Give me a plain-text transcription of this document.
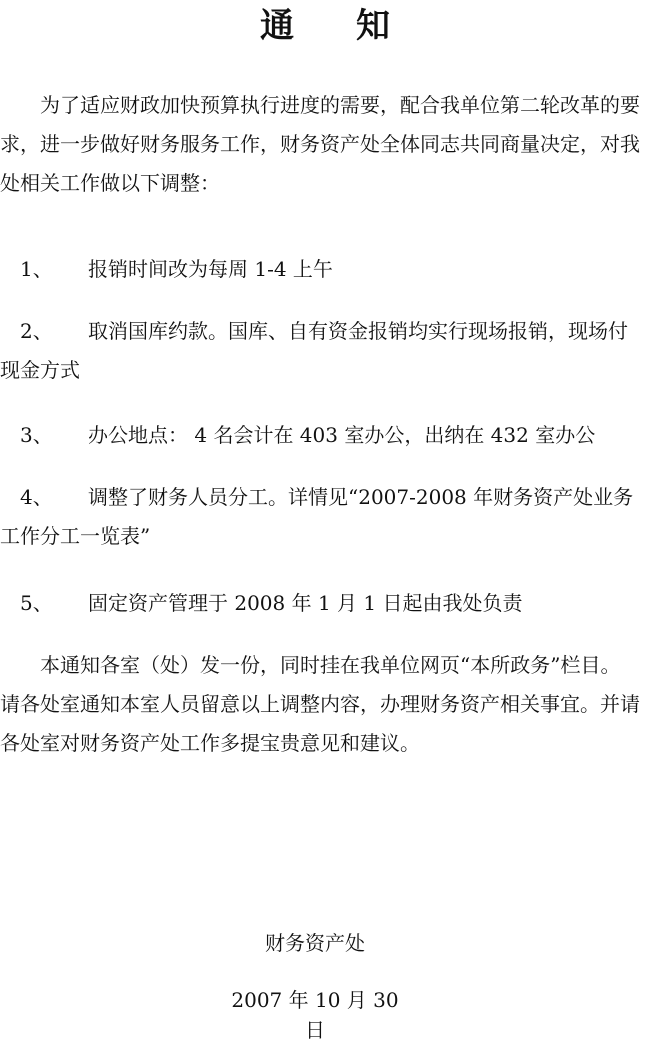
通知

为了适应财政加快预算执行进度的需要，配合我单位第二轮改革的要求，进一步做好财务服务工作，财务资产处全体同志共同商量决定，对我处相关工作做以下调整：

1、 报销时间改为每周 1-4 上午

2、 取消国库约款。国库、自有资金报销均实行现场报销，现场付现金方式

3、 办公地点： 4 名会计在 403 室办公，出纳在 432 室办公

4、 调整了财务人员分工。详情见“2007-2008 年财务资产处业务工作分工一览表”

5、 固定资产管理于 2008 年 1 月 1 日起由我处负责

本通知各室（处）发一份，同时挂在我单位网页“本所政务”栏目。请各处室通知本室人员留意以上调整内容，办理财务资产相关事宜。并请各处室对财务资产处工作多提宝贵意见和建议。

财务资产处
2007 年 10 月 30 日
